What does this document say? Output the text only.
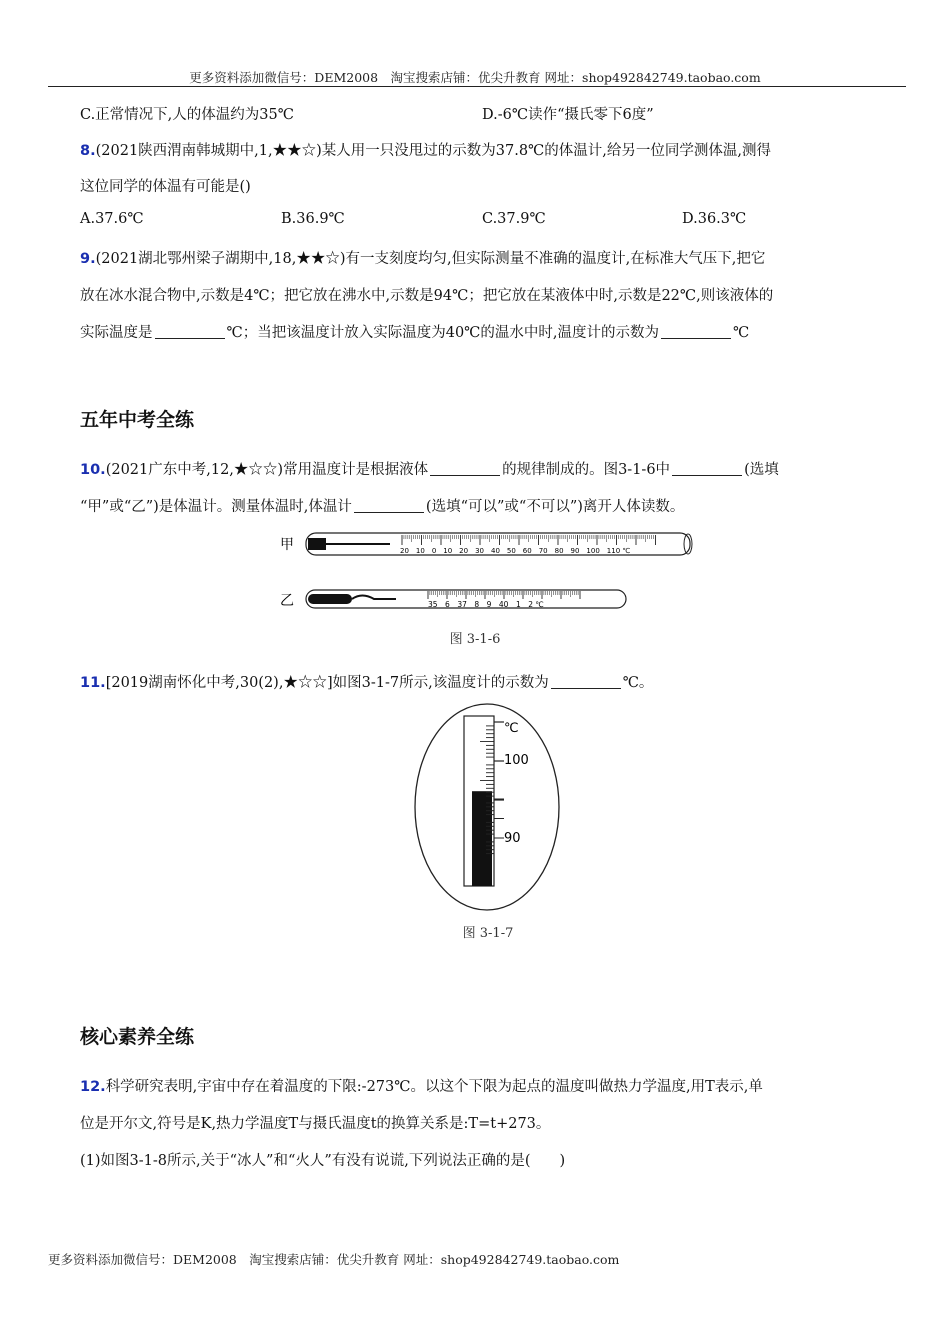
更多资料添加微信号：DEM2008　淘宝搜索店铺：优尖升教育 网址：shop492842749.taobao.com
C.正常情况下,人的体温约为35℃	D.-6℃读作“摄氏零下6度”
8.(2021陕西渭南韩城期中,1,★★☆)某人用一只没甩过的示数为37.8℃的体温计,给另一位同学测体温,测得
这位同学的体温有可能是()
A.37.6℃	B.36.9℃	C.37.9℃	D.36.3℃
9.(2021湖北鄂州梁子湖期中,18,★★☆)有一支刻度均匀,但实际测量不准确的温度计,在标准大气压下,把它
放在冰水混合物中,示数是4℃；把它放在沸水中,示数是94℃；把它放在某液体中时,示数是22℃,则该液体的
实际温度是	℃；当把该温度计放入实际温度为40℃的温水中时,温度计的示数为	℃
五年中考全练
10.(2021广东中考,12,★☆☆)常用温度计是根据液体	的规律制成的。图3-1-6中	(选填
“甲”或“乙”)是体温计。测量体温时,体温计	(选填“可以”或“不可以”)离开人体读数。
甲	20　10　0　10　20　30　40　50　60　70　80　90　100　110 ℃
乙	35　6　37　8　9　40　1　2 ℃
图 3-1-6
11.[2019湖南怀化中考,30(2),★☆☆]如图3-1-7所示,该温度计的示数为	℃。
℃
100
90
图 3-1-7
核心素养全练
12.科学研究表明,宇宙中存在着温度的下限:-273℃。以这个下限为起点的温度叫做热力学温度,用T表示,单
位是开尔文,符号是K,热力学温度T与摄氏温度t的换算关系是:T=t+273。
(1)如图3-1-8所示,关于“冰人”和“火人”有没有说谎,下列说法正确的是(　　)
更多资料添加微信号：DEM2008　淘宝搜索店铺：优尖升教育 网址：shop492842749.taobao.com
